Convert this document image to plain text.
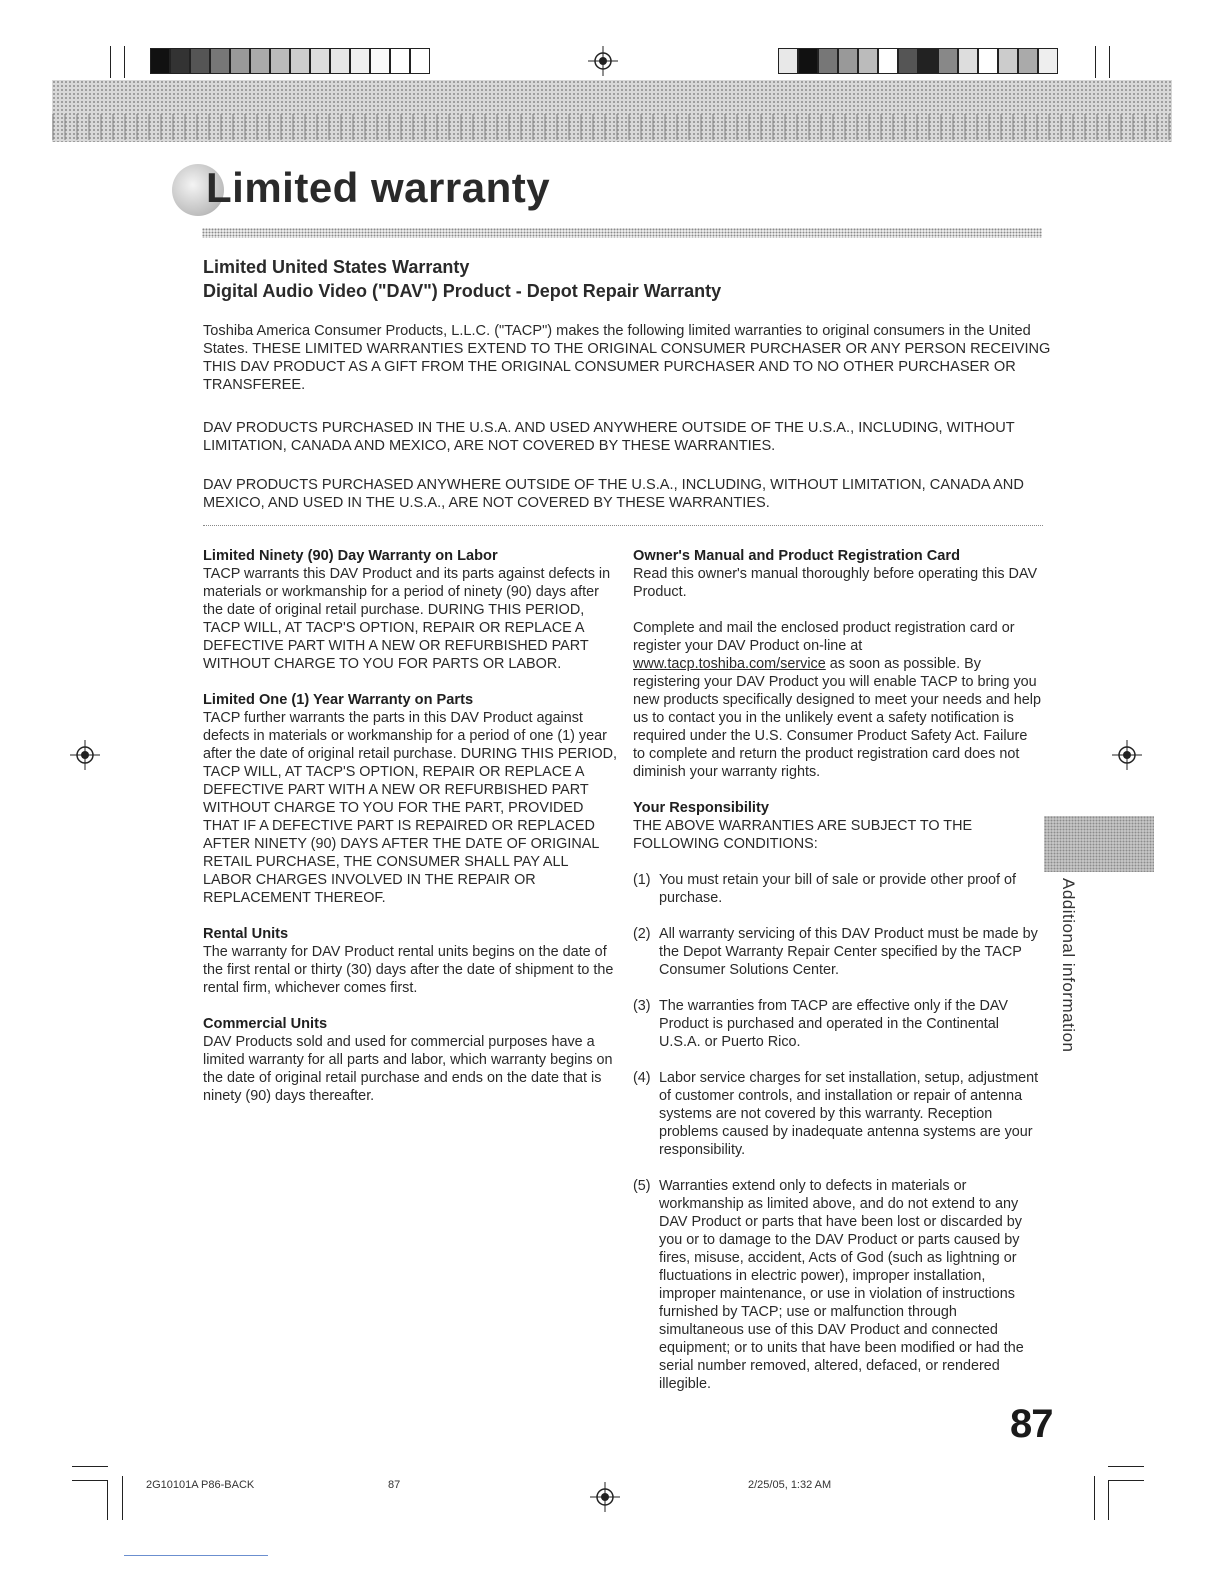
Limited warranty
Limited United States Warranty
Digital Audio Video ("DAV") Product - Depot Repair Warranty
Toshiba America Consumer Products, L.L.C. ("TACP") makes the following limited warranties to original consumers in the United States. THESE LIMITED WARRANTIES EXTEND TO THE ORIGINAL CONSUMER PURCHASER OR ANY PERSON RECEIVING THIS DAV PRODUCT AS A GIFT FROM THE ORIGINAL CONSUMER PURCHASER AND TO NO OTHER PURCHASER OR TRANSFEREE.
DAV PRODUCTS PURCHASED IN THE U.S.A. AND USED ANYWHERE OUTSIDE OF THE U.S.A., INCLUDING, WITHOUT LIMITATION, CANADA AND MEXICO, ARE NOT COVERED BY THESE WARRANTIES.
DAV PRODUCTS PURCHASED ANYWHERE OUTSIDE OF THE U.S.A., INCLUDING, WITHOUT LIMITATION, CANADA AND MEXICO, AND USED IN THE U.S.A., ARE NOT COVERED BY THESE WARRANTIES.
Limited Ninety (90) Day Warranty on Labor

TACP warrants this DAV Product and its parts against defects in materials or workmanship for a period of ninety (90) days after the date of original retail purchase. DURING THIS PERIOD, TACP WILL, AT TACP'S OPTION, REPAIR OR REPLACE A DEFECTIVE PART WITH A NEW OR REFURBISHED PART WITHOUT CHARGE TO YOU FOR PARTS OR LABOR.

Limited One (1) Year Warranty on Parts

TACP further warrants the parts in this DAV Product against defects in materials or workmanship for a period of one (1) year after the date of original retail purchase. DURING THIS PERIOD, TACP WILL, AT TACP'S OPTION, REPAIR OR REPLACE A DEFECTIVE PART WITH A NEW OR REFURBISHED PART WITHOUT CHARGE TO YOU FOR THE PART, PROVIDED THAT IF A DEFECTIVE PART IS REPAIRED OR REPLACED AFTER NINETY (90) DAYS AFTER THE DATE OF ORIGINAL RETAIL PURCHASE, THE CONSUMER SHALL PAY ALL LABOR CHARGES INVOLVED IN THE REPAIR OR REPLACEMENT THEREOF.

Rental Units

The warranty for DAV Product rental units begins on the date of the first rental or thirty (30) days after the date of shipment to the rental firm, whichever comes first.

Commercial Units

DAV Products sold and used for commercial purposes have a limited warranty for all parts and labor, which warranty begins on the date of original retail purchase and ends on the date that is ninety (90) days thereafter.

Owner's Manual and Product Registration Card

Read this owner's manual thoroughly before operating this DAV Product.

Complete and mail the enclosed product registration card or register your DAV Product on-line at www.tacp.toshiba.com/service as soon as possible. By registering your DAV Product you will enable TACP to bring you new products specifically designed to meet your needs and help us to contact you in the unlikely event a safety notification is required under the U.S. Consumer Product Safety Act. Failure to complete and return the product registration card does not diminish your warranty rights.

Your Responsibility

THE ABOVE WARRANTIES ARE SUBJECT TO THE FOLLOWING CONDITIONS:

(1) You must retain your bill of sale or provide other proof of purchase.
(2) All warranty servicing of this DAV Product must be made by the Depot Warranty Repair Center specified by the TACP Consumer Solutions Center.
(3) The warranties from TACP are effective only if the DAV Product is purchased and operated in the Continental U.S.A. or Puerto Rico.
(4) Labor service charges for set installation, setup, adjustment of customer controls, and installation or repair of antenna systems are not covered by this warranty. Reception problems caused by inadequate antenna systems are your responsibility.
(5) Warranties extend only to defects in materials or workmanship as limited above, and do not extend to any DAV Product or parts that have been lost or discarded by you or to damage to the DAV Product or parts caused by fires, misuse, accident, Acts of God (such as lightning or fluctuations in electric power), improper installation, improper maintenance, or use in violation of instructions furnished by TACP; use or malfunction through simultaneous use of this DAV Product and connected equipment; or to units that have been modified or had the serial number removed, altered, defaced, or rendered illegible.
Additional information
87
2G10101A P86-BACK	87	2/25/05, 1:32 AM
